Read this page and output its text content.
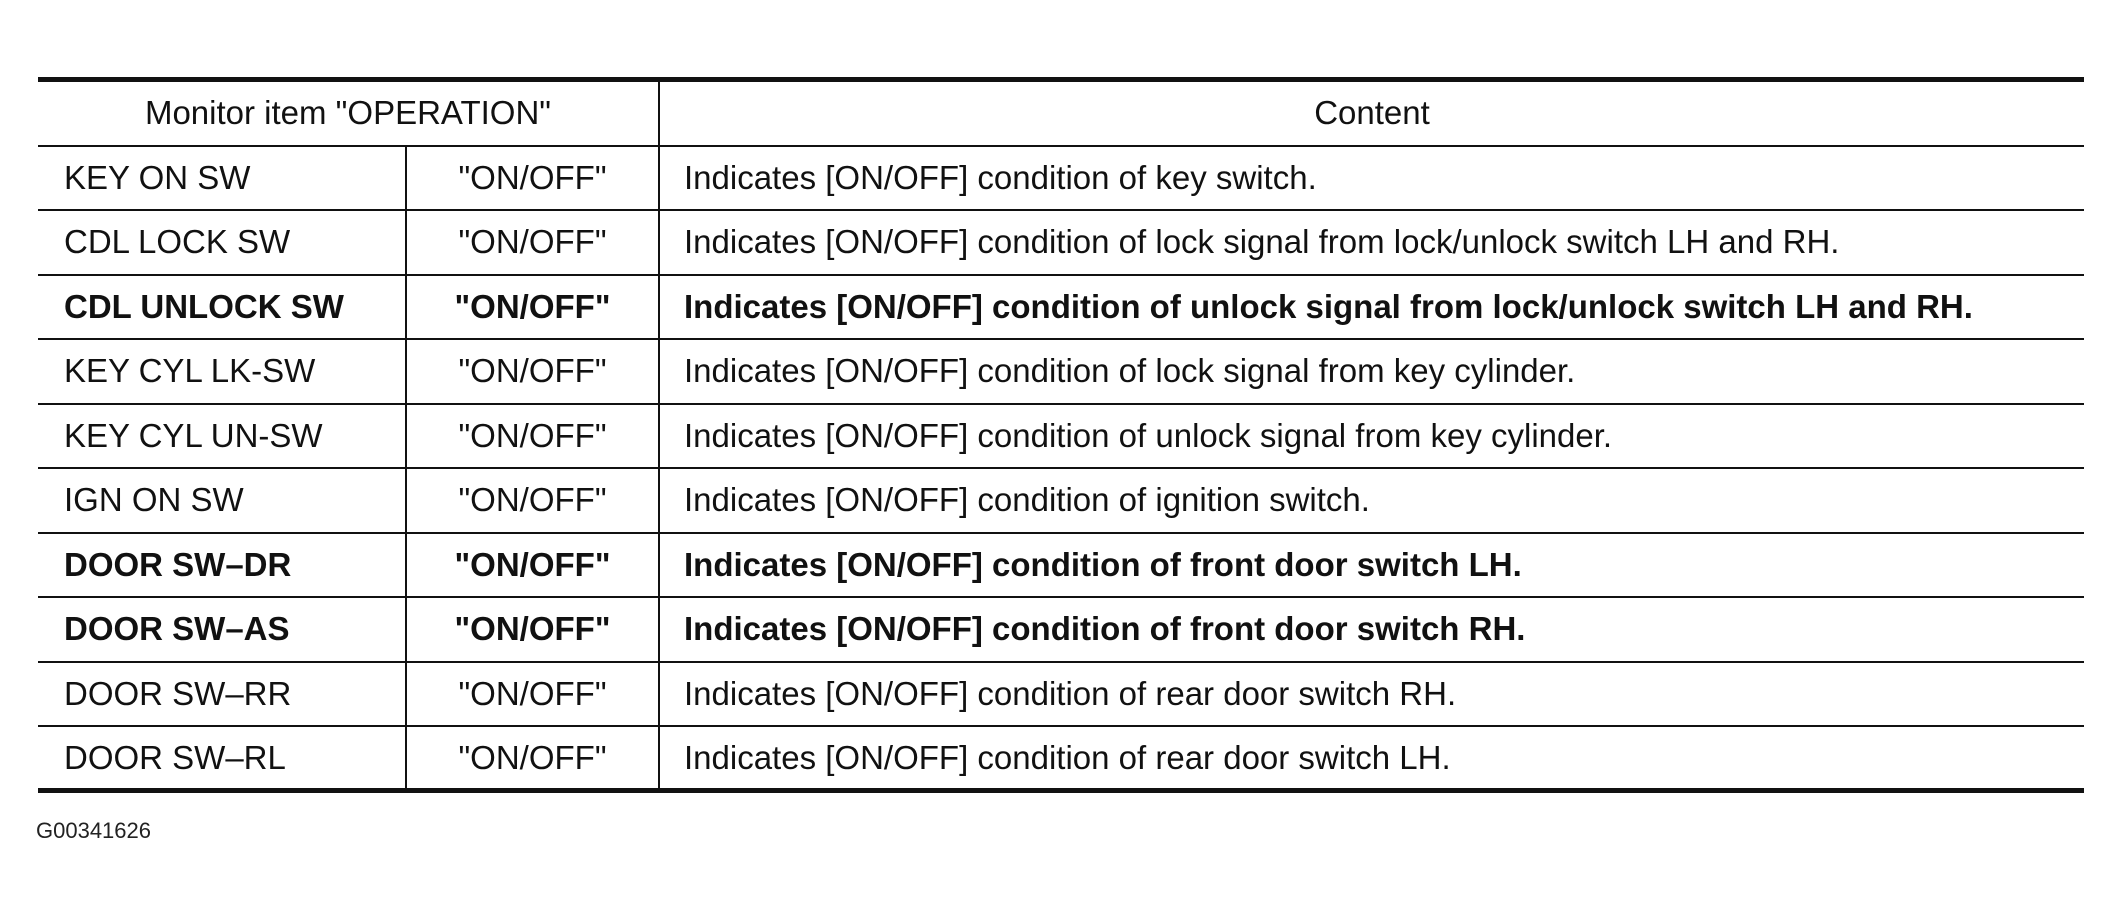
Monitor item "OPERATION"		Content
KEY ON SW	"ON/OFF"	Indicates [ON/OFF] condition of key switch.
CDL LOCK SW	"ON/OFF"	Indicates [ON/OFF] condition of lock signal from lock/unlock switch LH and RH.
CDL UNLOCK SW	"ON/OFF"	Indicates [ON/OFF] condition of unlock signal from lock/unlock switch LH and RH.
KEY CYL LK-SW	"ON/OFF"	Indicates [ON/OFF] condition of lock signal from key cylinder.
KEY CYL UN-SW	"ON/OFF"	Indicates [ON/OFF] condition of unlock signal from key cylinder.
IGN ON SW	"ON/OFF"	Indicates [ON/OFF] condition of ignition switch.
DOOR SW–DR	"ON/OFF"	Indicates [ON/OFF] condition of front door switch LH.
DOOR SW–AS	"ON/OFF"	Indicates [ON/OFF] condition of front door switch RH.
DOOR SW–RR	"ON/OFF"	Indicates [ON/OFF] condition of rear door switch RH.
DOOR SW–RL	"ON/OFF"	Indicates [ON/OFF] condition of rear door switch LH.
G00341626
